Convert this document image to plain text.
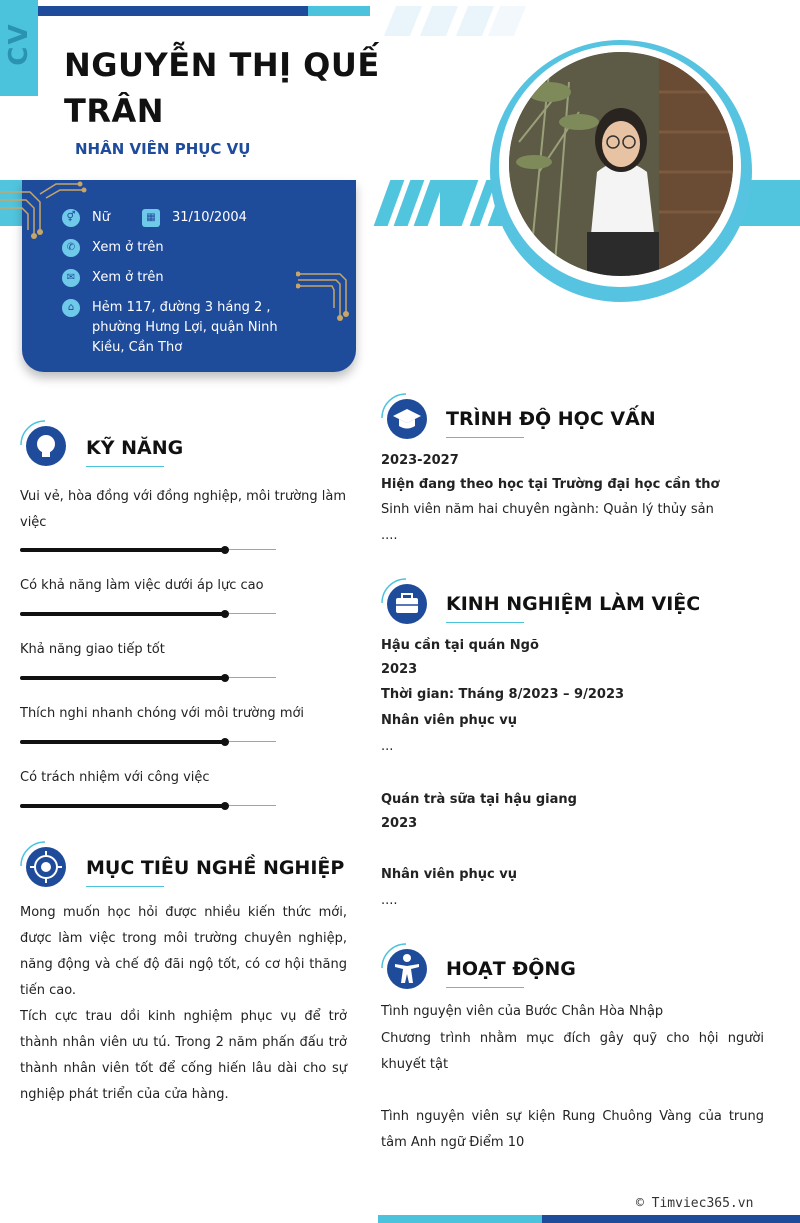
CV NGUYỄN THỊ QUẾ TRÂN
NHÂN VIÊN PHỤC VỤ
⚥	Nữ	▦	31/10/2004
✆	Xem ở trên
✉	Xem ở trên
⌂	Hẻm 117, đường 3 háng 2 , phường Hưng Lợi, quận Ninh Kiều, Cần Thơ
KỸ NĂNG
Vui vẻ, hòa đồng với đồng nghiệp, môi trường làm việc
Có khả năng làm việc dưới áp lực cao
Khả năng giao tiếp tốt
Thích nghi nhanh chóng với môi trường mới
Có trách nhiệm với công việc
MỤC TIÊU NGHỀ NGHIỆP
Mong muốn học hỏi được nhiều kiến thức mới, được làm việc trong môi trường chuyên nghiệp, năng động và chế độ đãi ngộ tốt, có cơ hội thăng tiến cao.
Tích cực trau dồi kinh nghiệm phục vụ để trở thành nhân viên ưu tú. Trong 2 năm phấn đấu trở thành nhân viên tốt để cống hiến lâu dài cho sự nghiệp phát triển của cửa hàng.
TRÌNH ĐỘ HỌC VẤN
2023-2027
Hiện đang theo học tại Trường đại học cần thơ
Sinh viên năm hai chuyên ngành: Quản lý thủy sản
....
KINH NGHIỆM LÀM VIỆC
Hậu cần tại quán Ngõ
2023
Thời gian: Tháng 8/2023 – 9/2023
Nhân viên phục vụ
...
Quán trà sữa tại hậu giang
2023
Nhân viên phục vụ
....
HOẠT ĐỘNG
Tình nguyện viên của Bước Chân Hòa Nhập
Chương trình nhằm mục đích gây quỹ cho hội người khuyết tật
Tình nguyện viên sự kiện Rung Chuông Vàng của trung tâm Anh ngữ Điểm 10
© Timviec365.vn
